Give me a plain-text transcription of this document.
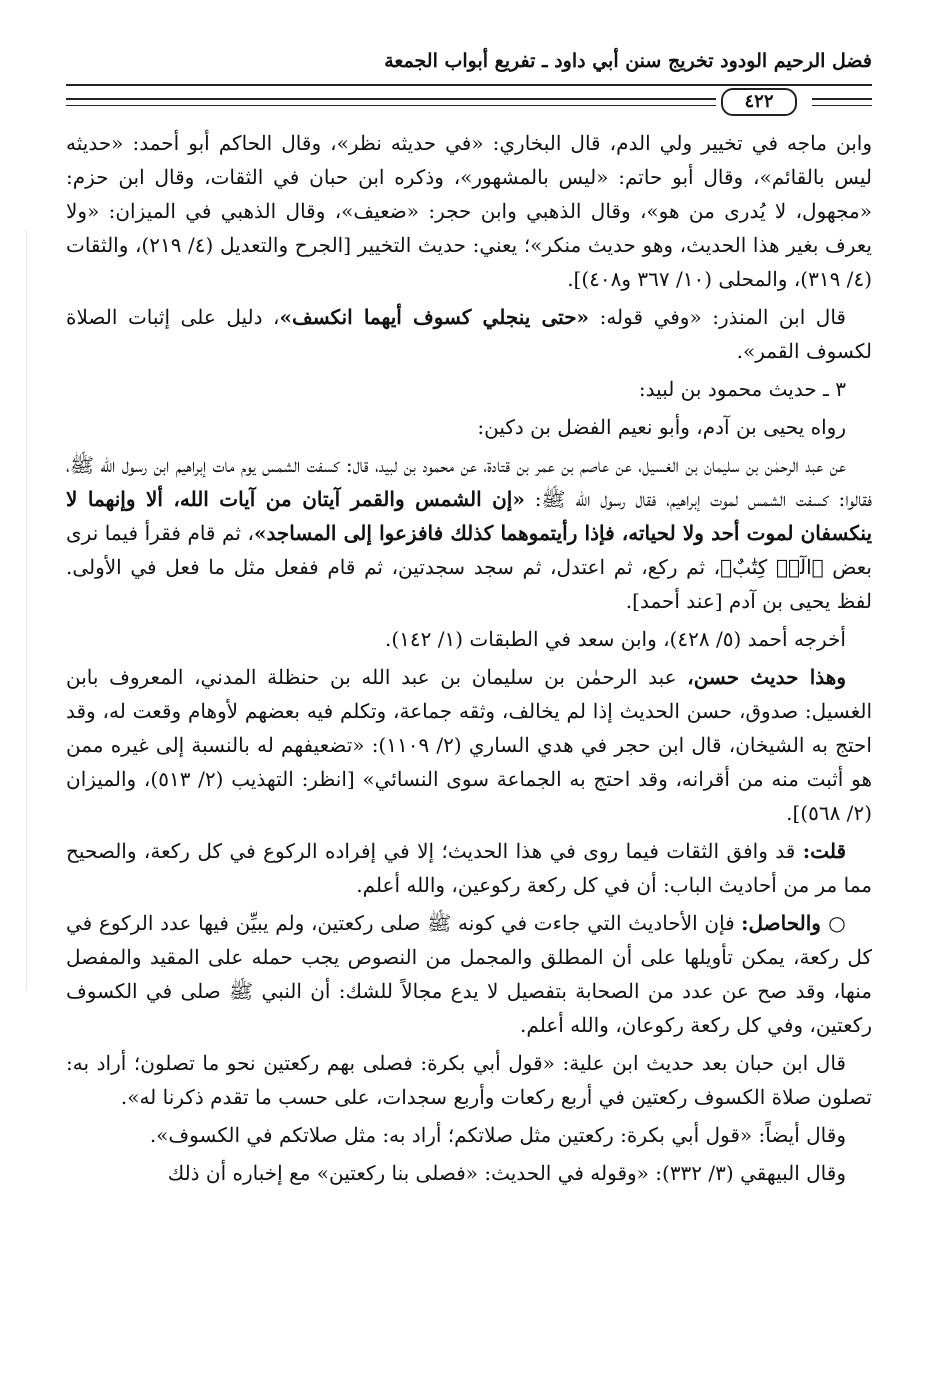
فضل الرحيم الودود تخريج سنن أبي داود ـ تفريع أبواب الجمعة
٤٢٢

وابن ماجه في تخيير ولي الدم، قال البخاري: «في حديثه نظر»، وقال الحاكم أبو أحمد: «حديثه ليس بالقائم»، وقال أبو حاتم: «ليس بالمشهور»، وذكره ابن حبان في الثقات، وقال ابن حزم: «مجهول، لا يُدرى من هو»، وقال الذهبي وابن حجر: «ضعيف»، وقال الذهبي في الميزان: «ولا يعرف بغير هذا الحديث، وهو حديث منكر»؛ يعني: حديث التخيير [الجرح والتعديل (٤/ ٢١٩)، والثقات (٤/ ٣١٩)، والمحلى (١٠/ ٣٦٧ و٤٠٨)].

قال ابن المنذر: «وفي قوله: «حتى ينجلي كسوف أيهما انكسف»، دليل على إثبات الصلاة لكسوف القمر».

٣ ـ حديث محمود بن لبيد:

رواه يحيى بن آدم، وأبو نعيم الفضل بن دكين:

عن عبد الرحمٰن بن سليمان بن الغسيل، عن عاصم بن عمر بن قتادة، عن محمود بن لبيد، قال: كسفت الشمس يوم مات إبراهيم ابن رسول الله ﷺ، فقالوا: كسفت الشمس لموت إبراهيم، فقال رسول الله ﷺ: «إن الشمس والقمر آيتان من آيات الله، ألا وإنهما لا ينكسفان لموت أحد ولا لحياته، فإذا رأيتموهما كذلك فافزعوا إلى المساجد»، ثم قام فقرأ فيما نرى بعض ﴿الٓرۚ كِتَٰبٌ﴾، ثم ركع، ثم اعتدل، ثم سجد سجدتين، ثم قام ففعل مثل ما فعل في الأولى. لفظ يحيى بن آدم [عند أحمد].

أخرجه أحمد (٥/ ٤٢٨)، وابن سعد في الطبقات (١/ ١٤٢).

وهذا حديث حسن، عبد الرحمٰن بن سليمان بن عبد الله بن حنظلة المدني، المعروف بابن الغسيل: صدوق، حسن الحديث إذا لم يخالف، وثقه جماعة، وتكلم فيه بعضهم لأوهام وقعت له، وقد احتج به الشيخان، قال ابن حجر في هدي الساري (٢/ ١١٠٩): «تضعيفهم له بالنسبة إلى غيره ممن هو أثبت منه من أقرانه، وقد احتج به الجماعة سوى النسائي» [انظر: التهذيب (٢/ ٥١٣)، والميزان (٢/ ٥٦٨)].

قلت: قد وافق الثقات فيما روى في هذا الحديث؛ إلا في إفراده الركوع في كل ركعة، والصحيح مما مر من أحاديث الباب: أن في كل ركعة ركوعين، والله أعلم.

○ والحاصل: فإن الأحاديث التي جاءت في كونه ﷺ صلى ركعتين، ولم يبيِّن فيها عدد الركوع في كل ركعة، يمكن تأويلها على أن المطلق والمجمل من النصوص يجب حمله على المقيد والمفصل منها، وقد صح عن عدد من الصحابة بتفصيل لا يدع مجالاً للشك: أن النبي ﷺ صلى في الكسوف ركعتين، وفي كل ركعة ركوعان، والله أعلم.

قال ابن حبان بعد حديث ابن علية: «قول أبي بكرة: فصلى بهم ركعتين نحو ما تصلون؛ أراد به: تصلون صلاة الكسوف ركعتين في أربع ركعات وأربع سجدات، على حسب ما تقدم ذكرنا له».

وقال أيضاً: «قول أبي بكرة: ركعتين مثل صلاتكم؛ أراد به: مثل صلاتكم في الكسوف».

وقال البيهقي (٣/ ٣٣٢): «وقوله في الحديث: «فصلى بنا ركعتين» مع إخباره أن ذلك
